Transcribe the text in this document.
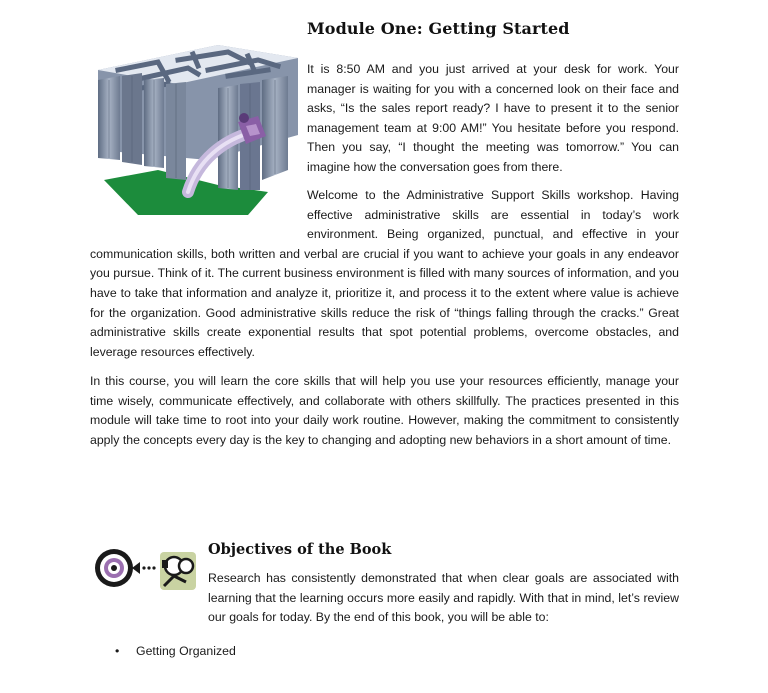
Module One: Getting Started
It is 8:50 AM and you just arrived at your desk for work. Your manager is waiting for you with a concerned look on their face and asks, “Is the sales report ready? I have to present it to the senior management team at 9:00 AM!” You hesitate before you respond. Then you say, “I thought the meeting was tomorrow.” You can imagine how the conversation goes from there.
Welcome to the Administrative Support Skills workshop. Having effective administrative skills are essential in today’s work environment. Being organized, punctual, and effective in your communication skills, both written and verbal are crucial if you want to achieve your goals in any endeavor you pursue. Think of it. The current business environment is filled with many sources of information, and you have to take that information and analyze it, prioritize it, and process it to the extent where value is achieve for the organization. Good administrative skills reduce the risk of “things falling through the cracks.” Great administrative skills create exponential results that spot potential problems, overcome obstacles, and leverage resources effectively.
In this course, you will learn the core skills that will help you use your resources efficiently, manage your time wisely, communicate effectively, and collaborate with others skillfully. The practices presented in this module will take time to root into your daily work routine. However, making the commitment to consistently apply the concepts every day is the key to changing and adopting new behaviors in a short amount of time.
Objectives of the Book
Research has consistently demonstrated that when clear goals are associated with learning that the learning occurs more easily and rapidly. With that in mind, let’s review our goals for today. By the end of this book, you will be able to:
• Getting Organized
